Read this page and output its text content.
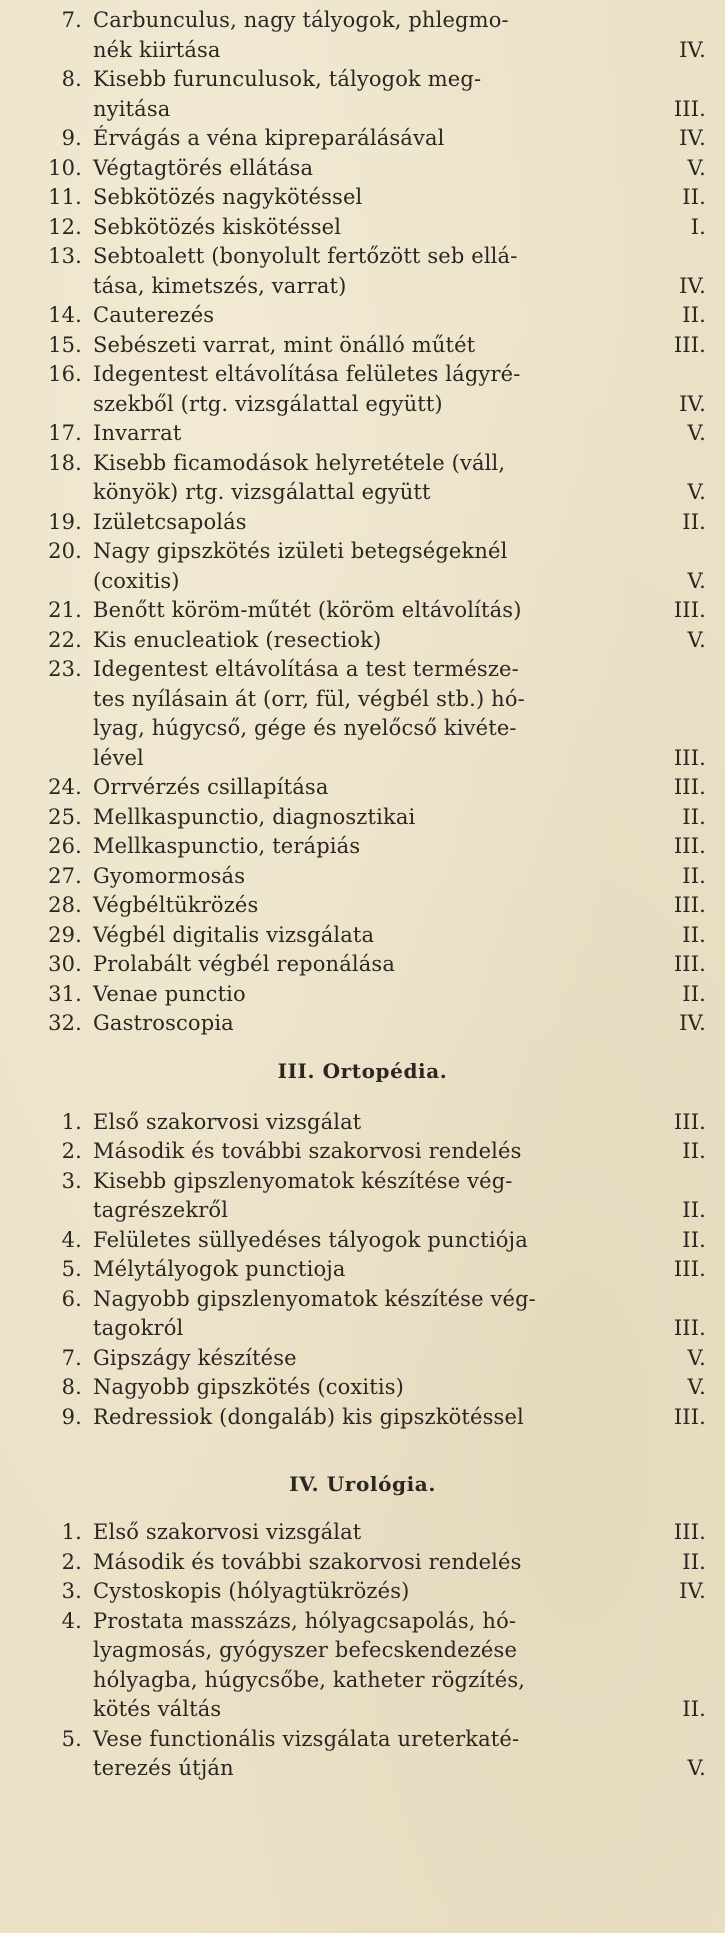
7. Carbunculus, nagy tályogok, phlegmo-
nék kiirtása	IV.
8. Kisebb furunculusok, tályogok meg-
nyitása	III.
9. Érvágás a véna kipreparálásával	IV.
10. Végtagtörés ellátása	V.
11. Sebkötözés nagykötéssel	II.
12. Sebkötözés kiskötéssel	I.
13. Sebtoalett (bonyolult fertőzött seb ellá-
tása, kimetszés, varrat)	IV.
14. Cauterezés	II.
15. Sebészeti varrat, mint önálló műtét	III.
16. Idegentest eltávolítása felületes lágyré-
szekből (rtg. vizsgálattal együtt)	IV.
17. Invarrat	V.
18. Kisebb ficamodások helyretétele (váll,
könyök) rtg. vizsgálattal együtt	V.
19. Izületcsapolás	II.
20. Nagy gipszkötés izületi betegségeknél
(coxitis)	V.
21. Benőtt köröm-műtét (köröm eltávolítás)	III.
22. Kis enucleatiok (resectiok)	V.
23. Idegentest eltávolítása a test természe-
tes nyílásain át (orr, fül, végbél stb.) hó-
lyag, húgycső, gége és nyelőcső kivéte-
lével	III.
24. Orrvérzés csillapítása	III.
25. Mellkaspunctio, diagnosztikai	II.
26. Mellkaspunctio, terápiás	III.
27. Gyomormosás	II.
28. Végbéltükrözés	III.
29. Végbél digitalis vizsgálata	II.
30. Prolabált végbél reponálása	III.
31. Venae punctio	II.
32. Gastroscopia	IV.
III. Ortopédia.
1. Első szakorvosi vizsgálat	III.
2. Második és további szakorvosi rendelés	II.
3. Kisebb gipszlenyomatok készítése vég-
tagrészekről	II.
4. Felületes süllyedéses tályogok punctiója	II.
5. Mélytályogok punctioja	III.
6. Nagyobb gipszlenyomatok készítése vég-
tagokról	III.
7. Gipszágy készítése	V.
8. Nagyobb gipszkötés (coxitis)	V.
9. Redressiok (dongaláb) kis gipszkötéssel	III.
IV. Urológia.
1. Első szakorvosi vizsgálat	III.
2. Második és további szakorvosi rendelés	II.
3. Cystoskopis (hólyagtükrözés)	IV.
4. Prostata masszázs, hólyagcsapolás, hó-
lyagmosás, gyógyszer befecskendezése
hólyagba, húgycsőbe, katheter rögzítés,
kötés váltás	II.
5. Vese functionális vizsgálata ureterkaté-
terezés útján	V.
